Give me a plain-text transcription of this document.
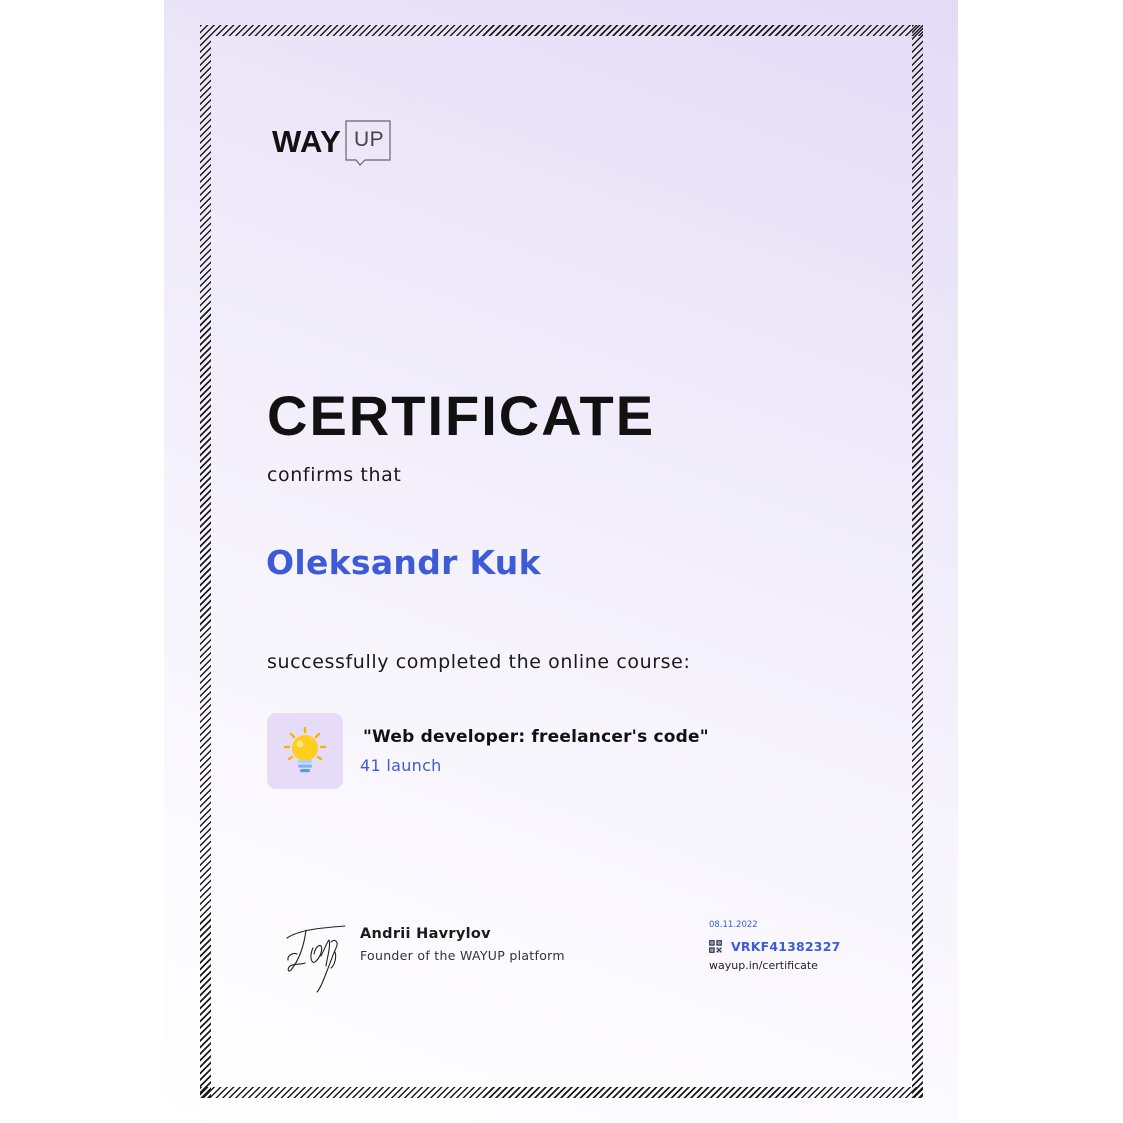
WAY UP
CERTIFICATE
confirms that
Oleksandr Kuk
successfully completed the online course:
"Web developer: freelancer's code"
41 launch
Andrii Havrylov
Founder of the WAYUP platform
08.11.2022
VRKF41382327
wayup.in/certificate
